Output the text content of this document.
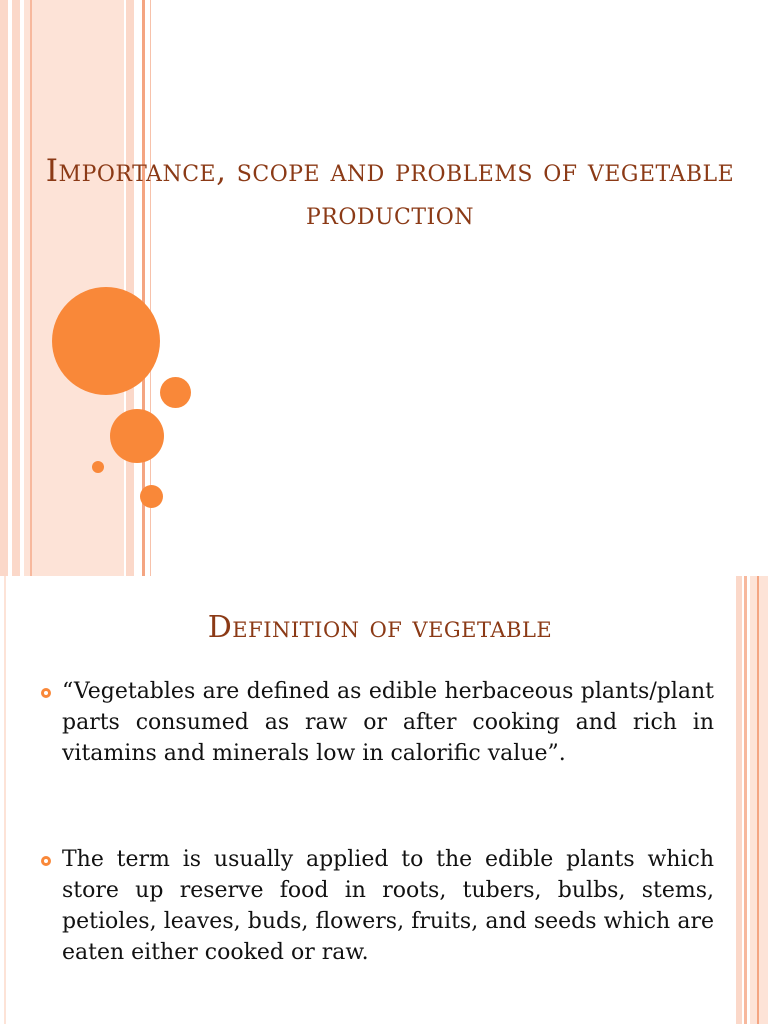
Importance, scope and problems of vegetable production
Definition of vegetable

“Vegetables are defined as edible herbaceous plants/plant parts consumed as raw or after cooking and rich in vitamins and minerals low in calorific value”.

The term is usually applied to the edible plants which store up reserve food in roots, tubers, bulbs, stems, petioles, leaves, buds, flowers, fruits, and seeds which are eaten either cooked or raw.
